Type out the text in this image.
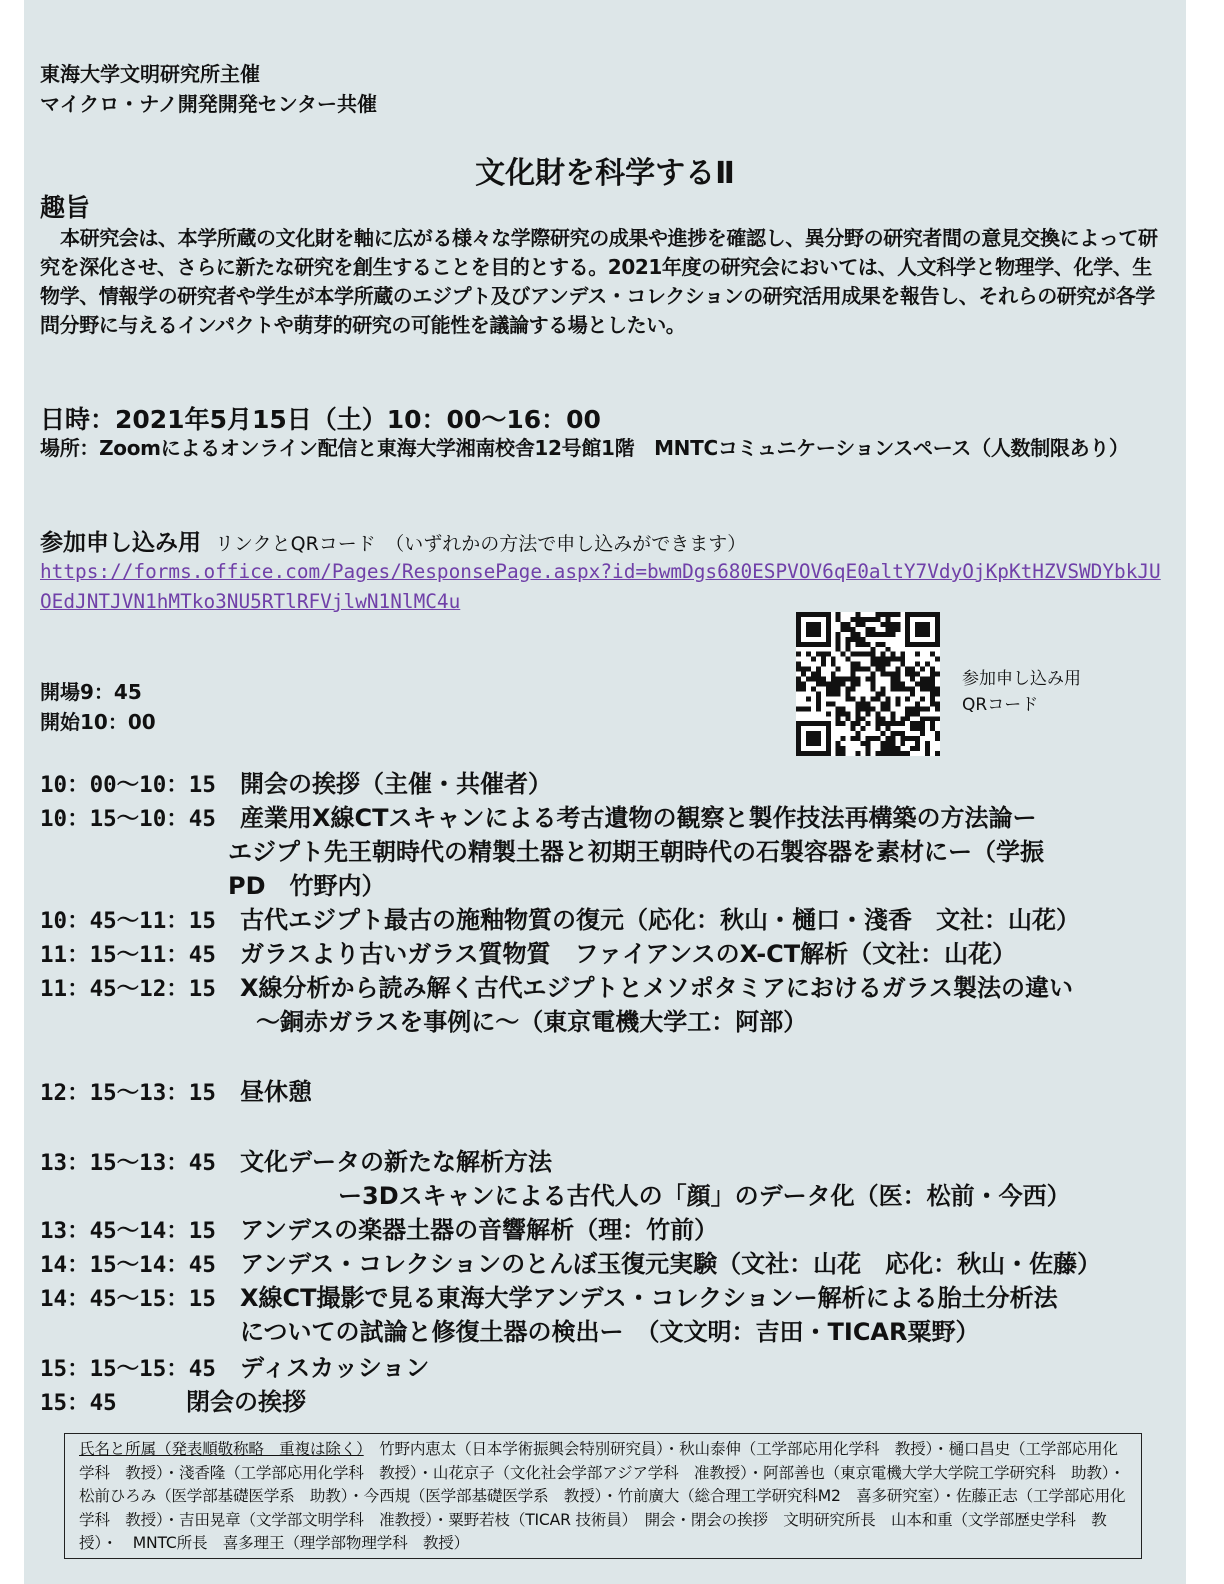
東海大学文明研究所主催
マイクロ・ナノ開発開発センター共催
文化財を科学するⅡ
趣旨
本研究会は、本学所蔵の文化財を軸に広がる様々な学際研究の成果や進捗を確認し、異分野の研究者間の意見交換によって研究を深化させ、さらに新たな研究を創生することを目的とする。2021年度の研究会においては、人文科学と物理学、化学、生物学、情報学の研究者や学生が本学所蔵のエジプト及びアンデス・コレクションの研究活用成果を報告し、それらの研究が各学問分野に与えるインパクトや萌芽的研究の可能性を議論する場としたい。
日時：2021年5月15日（土）10：00～16：00
場所：Zoomによるオンライン配信と東海大学湘南校舎12号館1階　MNTCコミュニケーションスペース（人数制限あり）
参加申し込み用 リンクとQRコード　（いずれかの方法で申し込みができます）
https://forms.office.com/Pages/ResponsePage.aspx?id=bwmDgs680ESPVOV6qE0altY7VdyOjKpKtHZVSWDYbkJUOEdJNTJVN1hMTko3NU5RTlRFVjlwN1NlMC4u
参加申し込み用
QRコード
開場9：45
開始10：00
10：00～10：15 開会の挨拶（主催・共催者）
10：15～10：45 産業用X線CTスキャンによる考古遺物の観察と製作技法再構築の方法論ー
エジプト先王朝時代の精製土器と初期王朝時代の石製容器を素材にー（学振
PD　竹野内）
10：45～11：15 古代エジプト最古の施釉物質の復元（応化：秋山・樋口・淺香　文社：山花）
11：15～11：45 ガラスより古いガラス質物質　ファイアンスのX-CT解析（文社：山花）
11：45～12：15 X線分析から読み解く古代エジプトとメソポタミアにおけるガラス製法の違い
～銅赤ガラスを事例に～（東京電機大学工：阿部）
12：15～13：15 昼休憩
13：15～13：45 文化データの新たな解析方法
ー3Dスキャンによる古代人の「顔」のデータ化（医：松前・今西）
13：45～14：15 アンデスの楽器土器の音響解析（理：竹前）
14：15～14：45 アンデス・コレクションのとんぼ玉復元実験（文社：山花　応化：秋山・佐藤）
14：45～15：15 X線CT撮影で見る東海大学アンデス・コレクションー解析による胎土分析法
についての試論と修復土器の検出ー　（文文明：吉田・TICAR粟野）
15：15～15：45 ディスカッション
15：45	閉会の挨拶
氏名と所属（発表順敬称略　重複は除く）　竹野内恵太（日本学術振興会特別研究員）・秋山泰伸（工学部応用化学科　教授）・樋口昌史（工学部応用化学科　教授）・淺香隆（工学部応用化学科　教授）・山花京子（文化社会学部アジア学科　准教授）・阿部善也（東京電機大学大学院工学研究科　助教）・松前ひろみ（医学部基礎医学系　助教）・今西規（医学部基礎医学系　教授）・竹前廣大（総合理工学研究科M2　喜多研究室）・佐藤正志（工学部応用化学科　教授）・吉田晃章（文学部文明学科　准教授）・粟野若枝（TICAR 技術員）　開会・閉会の挨拶　文明研究所長　山本和重（文学部歴史学科　教授）・　MNTC所長　喜多理王（理学部物理学科　教授）
